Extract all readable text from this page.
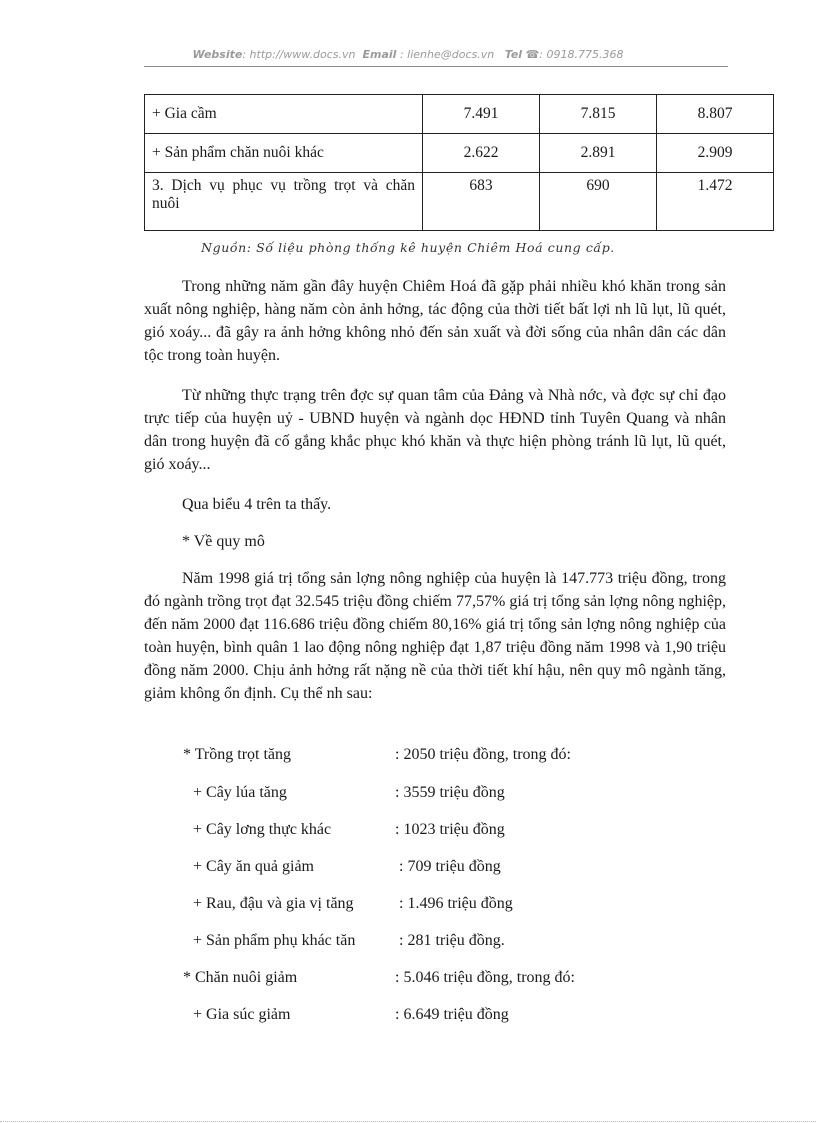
Website: http://www.docs.vn Email : lienhe@docs.vn Tel ☎: 0918.775.368
+ Gia cầm	7.491	7.815	8.807
+ Sản phẩm chăn nuôi khác	2.622	2.891	2.909
3. Dịch vụ phục vụ trồng trọt và chăn nuôi	683	690	1.472
Nguồn: Số liệu phòng thống kê huyện Chiêm Hoá cung cấp.
Trong những năm gần đây huyện Chiêm Hoá đã gặp phải nhiều khó khăn trong sản xuất nông nghiệp, hàng năm còn ảnh hởng, tác động của thời tiết bất lợi nh lũ lụt, lũ quét, gió xoáy... đã gây ra ảnh hởng không nhỏ đến sản xuất và đời sống của nhân dân các dân tộc trong toàn huyện.
Từ những thực trạng trên đợc sự quan tâm của Đảng và Nhà nớc, và đợc sự chỉ đạo trực tiếp của huyện uỷ - UBND huyện và ngành dọc HĐND tỉnh Tuyên Quang và nhân dân trong huyện đã cố gắng khắc phục khó khăn và thực hiện phòng tránh lũ lụt, lũ quét, gió xoáy...
Qua biểu 4 trên ta thấy.
* Về quy mô
Năm 1998 giá trị tổng sản lợng nông nghiệp của huyện là 147.773 triệu đồng, trong đó ngành trồng trọt đạt 32.545 triệu đồng chiếm 77,57% giá trị tổng sản lợng nông nghiệp, đến năm 2000 đạt 116.686 triệu đồng chiếm 80,16% giá trị tổng sản lợng nông nghiệp của toàn huyện, bình quân 1 lao động nông nghiệp đạt 1,87 triệu đồng năm 1998 và 1,90 triệu đồng năm 2000. Chịu ảnh hởng rất nặng nề của thời tiết khí hậu, nên quy mô ngành tăng, giảm không ổn định. Cụ thể nh sau:
* Trồng trọt tăng	: 2050 triệu đồng, trong đó:
+ Cây lúa tăng	: 3559 triệu đồng
+ Cây lơng thực khác	: 1023 triệu đồng
+ Cây ăn quả giảm	: 709 triệu đồng
+ Rau, đậu và gia vị tăng	: 1.496 triệu đồng
+ Sản phẩm phụ khác tăn	: 281 triệu đồng.
* Chăn nuôi giảm	: 5.046 triệu đồng, trong đó:
+ Gia súc giảm	: 6.649 triệu đồng
